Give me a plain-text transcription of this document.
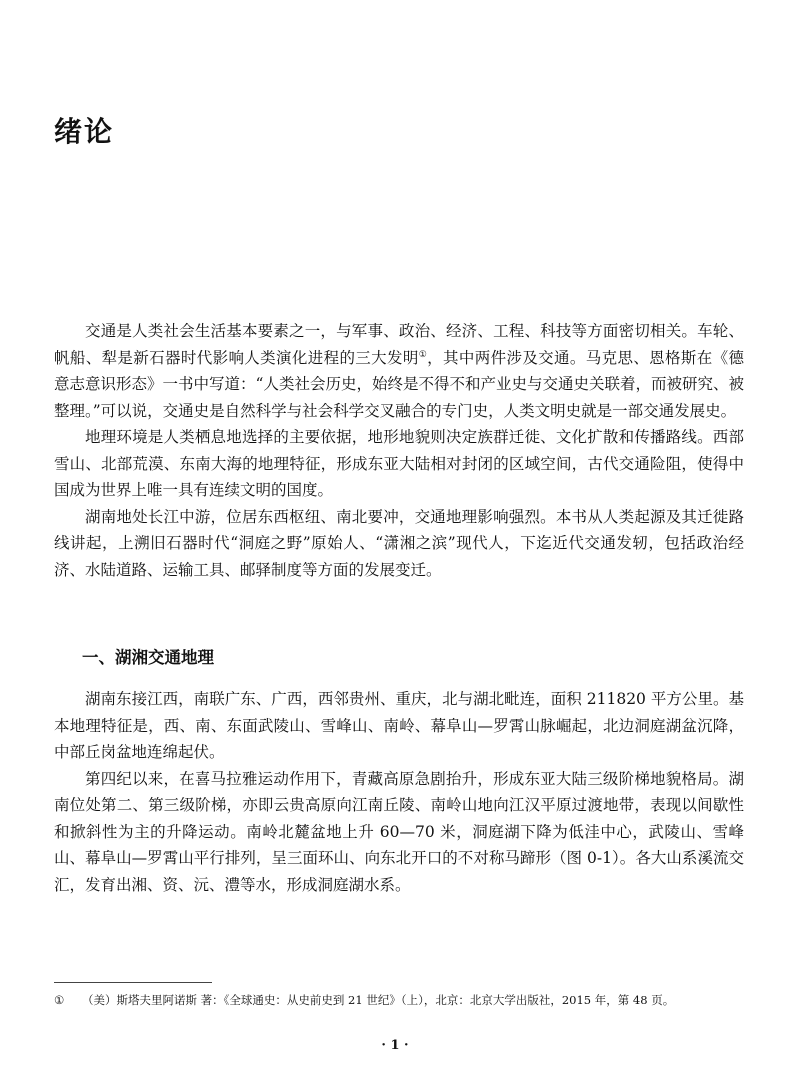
绪论

交通是人类社会生活基本要素之一，与军事、政治、经济、工程、科技等方面密切相关。车轮、帆船、犁是新石器时代影响人类演化进程的三大发明①，其中两件涉及交通。马克思、恩格斯在《德意志意识形态》一书中写道：“人类社会历史，始终是不得不和产业史与交通史关联着，而被研究、被整理。”可以说，交通史是自然科学与社会科学交叉融合的专门史，人类文明史就是一部交通发展史。

地理环境是人类栖息地选择的主要依据，地形地貌则决定族群迁徙、文化扩散和传播路线。西部雪山、北部荒漠、东南大海的地理特征，形成东亚大陆相对封闭的区域空间，古代交通险阻，使得中国成为世界上唯一具有连续文明的国度。

湖南地处长江中游，位居东西枢纽、南北要冲，交通地理影响强烈。本书从人类起源及其迁徙路线讲起，上溯旧石器时代“洞庭之野”原始人、“潇湘之滨”现代人，下迄近代交通发轫，包括政治经济、水陆道路、运输工具、邮驿制度等方面的发展变迁。

一、湖湘交通地理

湖南东接江西，南联广东、广西，西邻贵州、重庆，北与湖北毗连，面积 211820 平方公里。基本地理特征是，西、南、东面武陵山、雪峰山、南岭、幕阜山—罗霄山脉崛起，北边洞庭湖盆沉降，中部丘岗盆地连绵起伏。

第四纪以来，在喜马拉雅运动作用下，青藏高原急剧抬升，形成东亚大陆三级阶梯地貌格局。湖南位处第二、第三级阶梯，亦即云贵高原向江南丘陵、南岭山地向江汉平原过渡地带，表现以间歇性和掀斜性为主的升降运动。南岭北麓盆地上升 60—70 米，洞庭湖下降为低洼中心，武陵山、雪峰山、幕阜山—罗霄山平行排列，呈三面环山、向东北开口的不对称马蹄形（图 0-1）。各大山系溪流交汇，发育出湘、资、沅、澧等水，形成洞庭湖水系。

① （美）斯塔夫里阿诺斯 著：《全球通史：从史前史到 21 世纪》（上），北京：北京大学出版社，2015 年，第 48 页。
· 1 ·
